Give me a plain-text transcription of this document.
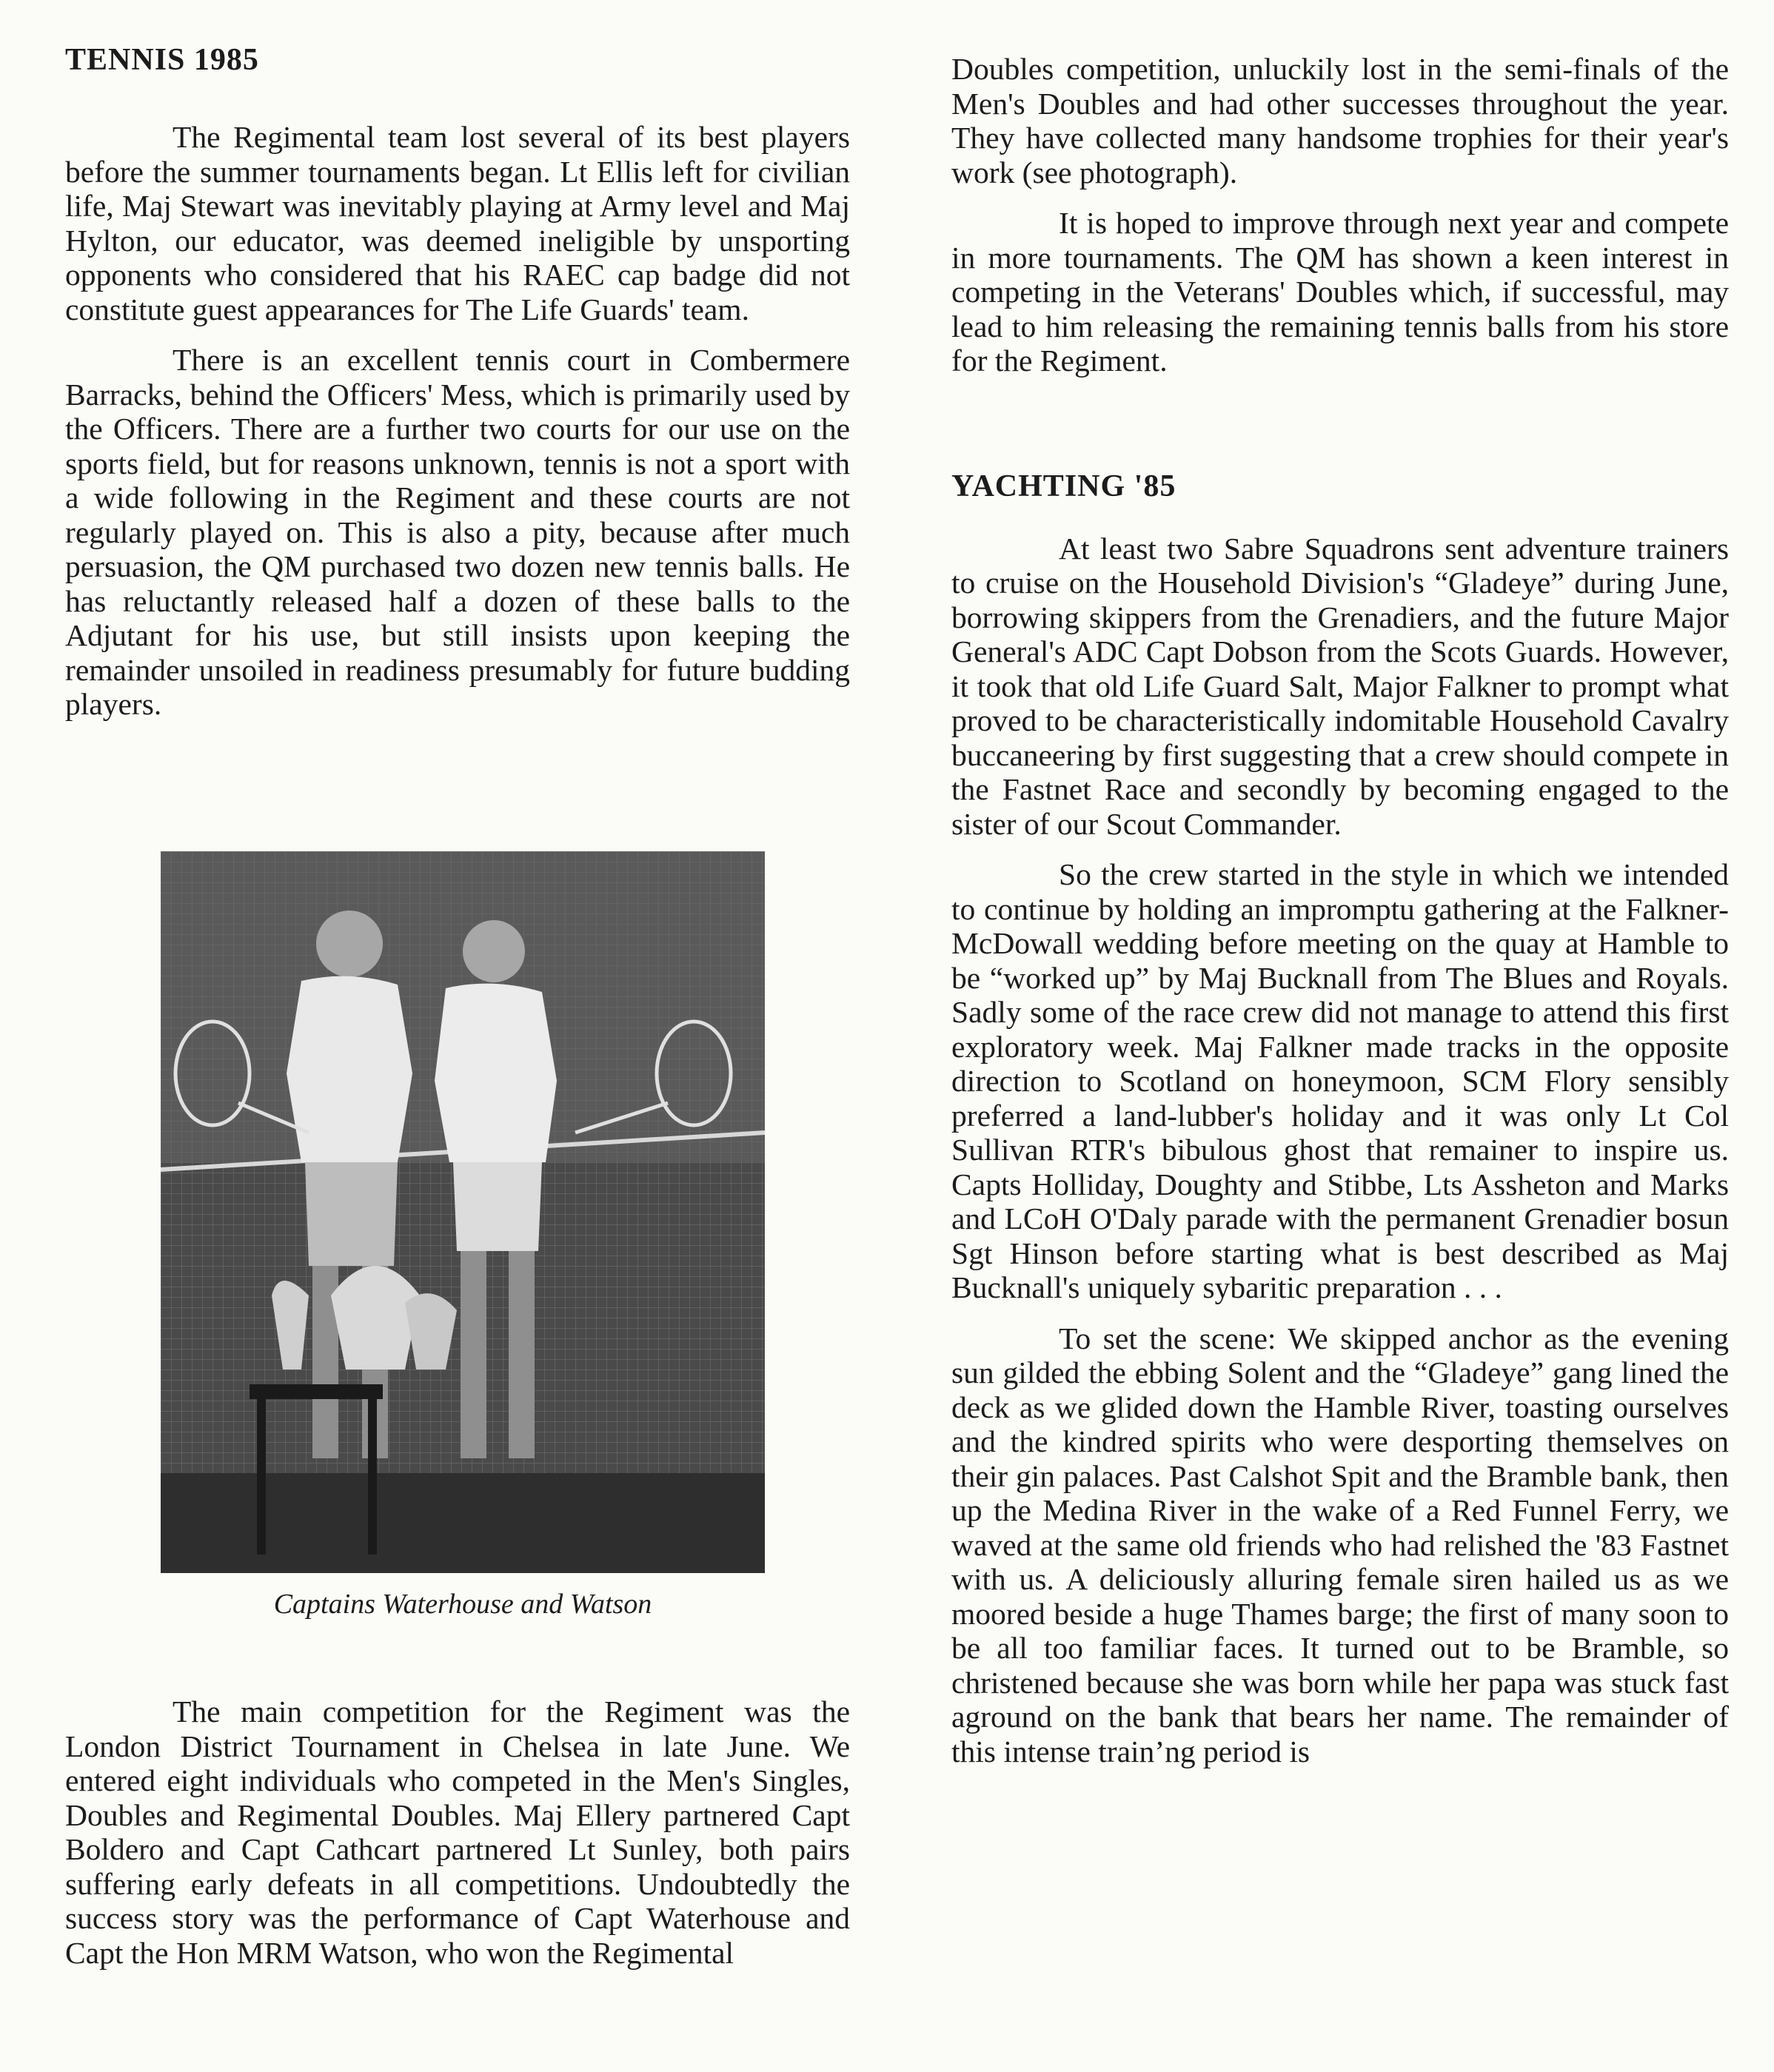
TENNIS 1985

The Regimental team lost several of its best players before the summer tournaments began. Lt Ellis left for civilian life, Maj Stewart was inevitably playing at Army level and Maj Hylton, our educator, was deemed ineligible by unsporting opponents who considered that his RAEC cap badge did not constitute guest appearances for The Life Guards' team.

There is an excellent tennis court in Combermere Barracks, behind the Officers' Mess, which is primarily used by the Officers. There are a further two courts for our use on the sports field, but for reasons unknown, tennis is not a sport with a wide following in the Regiment and these courts are not regularly played on. This is also a pity, because after much persuasion, the QM purchased two dozen new tennis balls. He has reluctantly released half a dozen of these balls to the Adjutant for his use, but still insists upon keeping the remainder unsoiled in readiness presumably for future budding players.

Captains Waterhouse and Watson

The main competition for the Regiment was the London District Tournament in Chelsea in late June. We entered eight individuals who competed in the Men's Singles, Doubles and Regimental Doubles. Maj Ellery partnered Capt Boldero and Capt Cathcart partnered Lt Sunley, both pairs suffering early defeats in all competitions. Undoubtedly the success story was the performance of Capt Waterhouse and Capt the Hon MRM Watson, who won the Regimental

Doubles competition, unluckily lost in the semi-finals of the Men's Doubles and had other successes throughout the year. They have collected many handsome trophies for their year's work (see photograph).

It is hoped to improve through next year and compete in more tournaments. The QM has shown a keen interest in competing in the Veterans' Doubles which, if successful, may lead to him releasing the remaining tennis balls from his store for the Regiment.

YACHTING '85

At least two Sabre Squadrons sent adventure trainers to cruise on the Household Division's “Gladeye” during June, borrowing skippers from the Grenadiers, and the future Major General's ADC Capt Dobson from the Scots Guards. However, it took that old Life Guard Salt, Major Falkner to prompt what proved to be characteristically indomitable Household Cavalry buccaneering by first suggesting that a crew should compete in the Fastnet Race and secondly by becoming engaged to the sister of our Scout Commander.

So the crew started in the style in which we intended to continue by holding an impromptu gathering at the Falkner-McDowall wedding before meeting on the quay at Hamble to be “worked up” by Maj Bucknall from The Blues and Royals. Sadly some of the race crew did not manage to attend this first exploratory week. Maj Falkner made tracks in the opposite direction to Scotland on honeymoon, SCM Flory sensibly preferred a land-lubber's holiday and it was only Lt Col Sullivan RTR's bibulous ghost that remainer to inspire us. Capts Holliday, Doughty and Stibbe, Lts Assheton and Marks and LCoH O'Daly parade with the permanent Grenadier bosun Sgt Hinson before starting what is best described as Maj Bucknall's uniquely sybaritic preparation . . .

To set the scene: We skipped anchor as the evening sun gilded the ebbing Solent and the “Gladeye” gang lined the deck as we glided down the Hamble River, toasting ourselves and the kindred spirits who were desporting themselves on their gin palaces. Past Calshot Spit and the Bramble bank, then up the Medina River in the wake of a Red Funnel Ferry, we waved at the same old friends who had relished the '83 Fastnet with us. A deliciously alluring female siren hailed us as we moored beside a huge Thames barge; the first of many soon to be all too familiar faces. It turned out to be Bramble, so christened because she was born while her papa was stuck fast aground on the bank that bears her name. The remainder of this intense train’ng period is
